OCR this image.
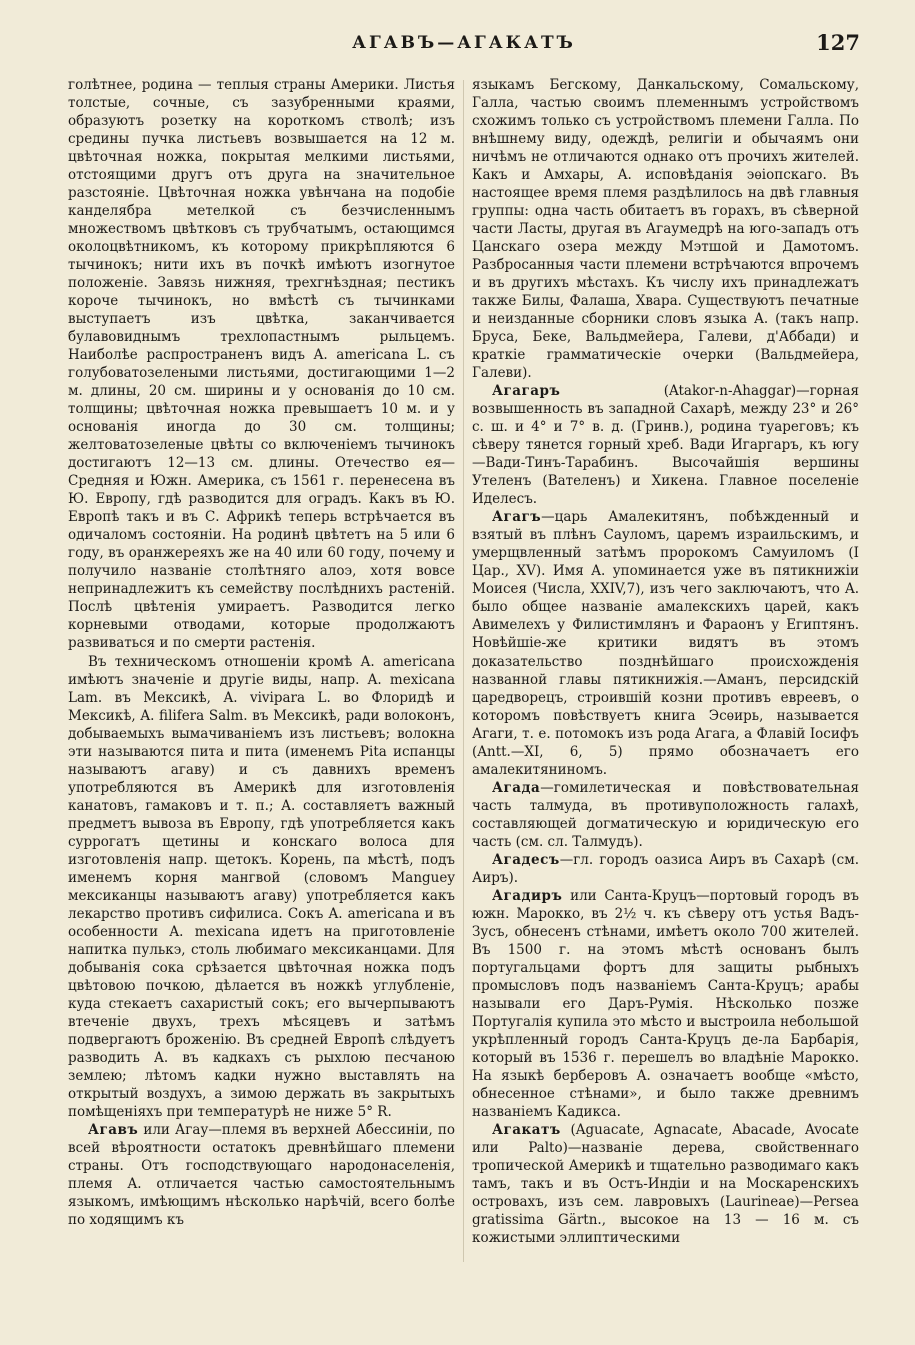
АГАВЪ—АГАКАТЪ	127

голѣтнее, родина — теплыя страны Америки. Листья толстые, сочные, съ зазубренными краями, образуютъ розетку на короткомъ стволѣ; изъ средины пучка листьевъ возвышается на 12 м. цвѣточная ножка, покрытая мелкими листьями, отстоящими другъ отъ друга на значительное разстояніе. Цвѣточная ножка увѣнчана на подобіе канделябра метелкой съ безчисленнымъ множествомъ цвѣтковъ съ трубчатымъ, остающимся околоцвѣтникомъ, къ которому прикрѣпляются 6 тычинокъ; нити ихъ въ почкѣ имѣютъ изогнутое положеніе. Завязь нижняя, трехгнѣздная; пестикъ короче тычинокъ, но вмѣстѣ съ тычинками выступаетъ изъ цвѣтка, заканчивается булавовиднымъ трехлопастнымъ рыльцемъ. Наиболѣе распространенъ видъ A. americana L. съ голубоватозелеными листьями, достигающими 1—2 м. длины, 20 см. ширины и у основанія до 10 см. толщины; цвѣточная ножка превышаетъ 10 м. и у основанія иногда до 30 см. толщины; желтоватозеленые цвѣты со включеніемъ тычинокъ достигаютъ 12—13 см. длины. Отечество ея—Средняя и Южн. Америка, съ 1561 г. перенесена въ Ю. Европу, гдѣ разводится для оградъ. Какъ въ Ю. Европѣ такъ и въ С. Африкѣ теперь встрѣчается въ одичаломъ состояніи. На родинѣ цвѣтетъ на 5 или 6 году, въ оранжереяхъ же на 40 или 60 году, почему и получило названіе столѣтняго алоэ, хотя вовсе непринадлежитъ къ семейству послѣднихъ растеній. Послѣ цвѣтенія умираетъ. Разводится легко корневыми отводами, которые продолжаютъ развиваться и по смерти растенія.

Въ техническомъ отношеніи кромѣ A. americana имѣютъ значеніе и другіе виды, напр. A. mexicana Lam. въ Мексикѣ, A. vivipara L. во Флоридѣ и Мексикѣ, A. filifera Salm. въ Мексикѣ, ради волоконъ, добываемыхъ вымачиваніемъ изъ листьевъ; волокна эти называются пита и пита (именемъ Pita испанцы называютъ агаву) и съ давнихъ временъ употребляются въ Америкѣ для изготовленія канатовъ, гамаковъ и т. п.; A. составляетъ важный предметъ вывоза въ Европу, гдѣ употребляется какъ суррогатъ щетины и конскаго волоса для изготовленія напр. щетокъ. Корень, па мѣстѣ, подъ именемъ корня мангвой (словомъ Manguey мексиканцы называютъ агаву) употребляется какъ лекарство противъ сифилиса. Сокъ A. americana и въ особенности A. mexicana идетъ на приготовленіе напитка пулькэ, столь любимаго мексиканцами. Для добыванія сока срѣзается цвѣточная ножка подъ цвѣтовою почкою, дѣлается въ ножкѣ углубленіе, куда стекаетъ сахаристый сокъ; его вычерпываютъ втеченіе двухъ, трехъ мѣсяцевъ и затѣмъ подвергаютъ броженію. Въ средней Европѣ слѣдуетъ разводить A. въ кадкахъ съ рыхлою песчаною землею; лѣтомъ кадки нужно выставлять на открытый воздухъ, а зимою держать въ закрытыхъ помѣщеніяхъ при температурѣ не ниже 5° R.

Агавъ или Агау—племя въ верхней Абессиніи, по всей вѣроятности остатокъ древнѣйшаго племени страны. Отъ господствующаго народонаселенія, племя A. отличается частью самостоятельнымъ языкомъ, имѣющимъ нѣсколько нарѣчій, всего болѣе по ходящимъ къ

языкамъ Бегскому, Данкальскому, Сомальскому, Галла, частью своимъ племеннымъ устройствомъ схожимъ только съ устройствомъ племени Галла. По внѣшнему виду, одеждѣ, религіи и обычаямъ они ничѣмъ не отличаются однако отъ прочихъ жителей. Какъ и Амхары, A. исповѣданія эѳіопскаго. Въ настоящее время племя раздѣлилось на двѣ главныя группы: одна часть обитаетъ въ горахъ, въ сѣверной части Ласты, другая въ Агаумедрѣ на юго-западъ отъ Цанскаго озера между Мэтшой и Дамотомъ. Разбросанныя части племени встрѣчаются впрочемъ и въ другихъ мѣстахъ. Къ числу ихъ принадлежатъ также Билы, Фалаша, Хвара. Существуютъ печатные и неизданные сборники словъ языка A. (такъ напр. Бруса, Беке, Вальдмейера, Галеви, д'Аббади) и краткіе грамматическіе очерки (Вальдмейера, Галеви).

Агагаръ (Atakor-n-Ahaggar)—горная возвышенность въ западной Сахарѣ, между 23° и 26° с. ш. и 4° и 7° в. д. (Гринв.), родина туареговъ; къ сѣверу тянется горный хреб. Вади Игаргаръ, къ югу—Вади-Тинъ-Тарабинъ. Высочайшія вершины Утеленъ (Вателенъ) и Хикена. Главное поселеніе Иделесъ.

Агагъ—царь Амалекитянъ, побѣжденный и взятый въ плѣнъ Сауломъ, царемъ израильскимъ, и умерщвленный затѣмъ пророкомъ Самуиломъ (I Цар., XV). Имя A. упоминается уже въ пятикнижіи Моисея (Числа, XXIV,7), изъ чего заключаютъ, что A. было общее названіе амалекскихъ царей, какъ Авимелехъ у Филистимлянъ и Фараонъ у Египтянъ. Новѣйшіе-же критики видятъ въ этомъ доказательство позднѣйшаго происхожденія названной главы пятикнижія.—Аманъ, персидскій царедворецъ, строившій козни противъ евреевъ, о которомъ повѣствуетъ книга Эсѳирь, называется Агаги, т. е. потомокъ изъ рода Агага, а Флавій Іосифъ (Antt.—XI, 6, 5) прямо обозначаетъ его амалекитяниномъ.

Агада—гомилетическая и повѣствовательная часть талмуда, въ противуположность галахѣ, составляющей догматическую и юридическую его часть (см. сл. Талмудъ).

Агадесъ—гл. городъ оазиса Аиръ въ Сахарѣ (см. Аиръ).

Агадиръ или Санта-Круцъ—портовый городъ въ южн. Марокко, въ 2½ ч. къ сѣверу отъ устья Вадъ-Зусъ, обнесенъ стѣнами, имѣетъ около 700 жителей. Въ 1500 г. на этомъ мѣстѣ основанъ былъ португальцами фортъ для защиты рыбныхъ промысловъ подъ названіемъ Санта-Круцъ; арабы называли его Даръ-Румія. Нѣсколько позже Португалія купила это мѣсто и выстроила небольшой укрѣпленный городъ Санта-Круцъ де-ла Барбарія, который въ 1536 г. перешелъ во владѣніе Марокко. На языкѣ берберовъ A. означаетъ вообще «мѣсто, обнесенное стѣнами», и было также древнимъ названіемъ Кадикса.

Агакатъ (Aguacate, Agnacate, Abacade, Avocate или Palto)—названіе дерева, свойственнаго тропической Америкѣ и тщательно разводимаго какъ тамъ, такъ и въ Остъ-Индіи и на Москаренскихъ островахъ, изъ сем. лавровыхъ (Laurineae)—Persea gratissima Gärtn., высокое на 13 — 16 м. съ кожистыми эллиптическими
